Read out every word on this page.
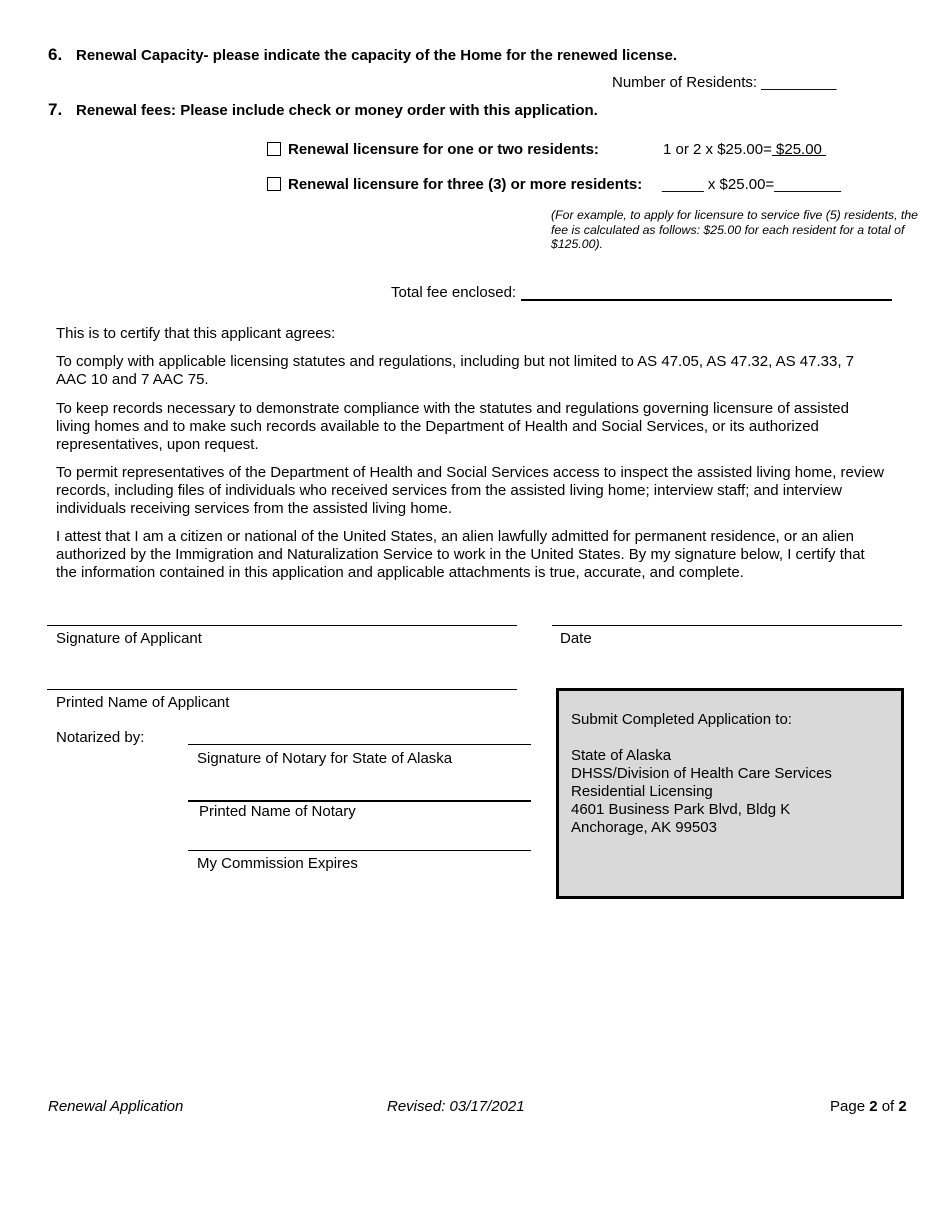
6. Renewal Capacity- please indicate the capacity of the Home for the renewed license.
Number of Residents: _________
7. Renewal fees: Please include check or money order with this application.
Renewal licensure for one or two residents:	1 or 2 x $25.00= $25.00
Renewal licensure for three (3) or more residents: _____ x $25.00=________
(For example, to apply for licensure to service five (5) residents, the fee is calculated as follows: $25.00 for each resident for a total of $125.00).
Total fee enclosed:
This is to certify that this applicant agrees:
To comply with applicable licensing statutes and regulations, including but not limited to AS 47.05, AS 47.32, AS 47.33, 7 AAC 10 and 7 AAC 75.
To keep records necessary to demonstrate compliance with the statutes and regulations governing licensure of assisted living homes and to make such records available to the Department of Health and Social Services, or its authorized representatives, upon request.
To permit representatives of the Department of Health and Social Services access to inspect the assisted living home, review records, including files of individuals who received services from the assisted living home; interview staff; and interview individuals receiving services from the assisted living home.
I attest that I am a citizen or national of the United States, an alien lawfully admitted for permanent residence, or an alien authorized by the Immigration and Naturalization Service to work in the United States. By my signature below, I certify that the information contained in this application and applicable attachments is true, accurate, and complete.
Signature of Applicant	Date
Printed Name of Applicant
Notarized by:
Signature of Notary for State of Alaska
Printed Name of Notary
My Commission Expires
Submit Completed Application to:
State of Alaska
DHSS/Division of Health Care Services
Residential Licensing
4601 Business Park Blvd, Bldg K
Anchorage, AK 99503
Renewal Application	Revised: 03/17/2021	Page 2 of 2
